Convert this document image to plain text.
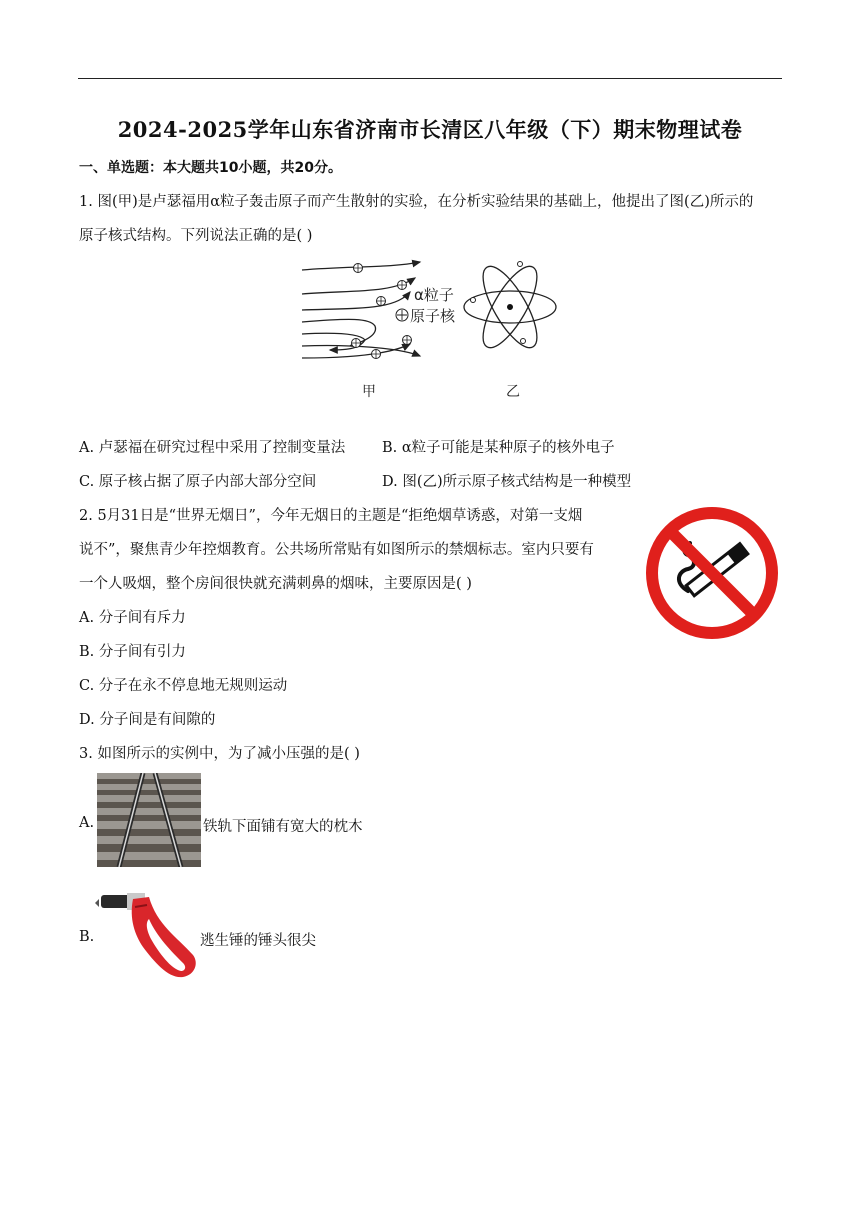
2024-2025学年山东省济南市长清区八年级（下）期末物理试卷
一、单选题：本大题共10小题，共20分。
1. 图(甲)是卢瑟福用α粒子轰击原子而产生散射的实验，在分析实验结果的基础上，他提出了图(乙)所示的
原子核式结构。下列说法正确的是( )
α粒子
原子核
甲	乙
A. 卢瑟福在研究过程中采用了控制变量法	B. α粒子可能是某种原子的核外电子
C. 原子核占据了原子内部大部分空间	D. 图(乙)所示原子核式结构是一种模型
2. 5月31日是“世界无烟日”，今年无烟日的主题是“拒绝烟草诱惑，对第一支烟
说不”，聚焦青少年控烟教育。公共场所常贴有如图所示的禁烟标志。室内只要有
一个人吸烟，整个房间很快就充满刺鼻的烟味，主要原因是( )
A. 分子间有斥力
B. 分子间有引力
C. 分子在永不停息地无规则运动
D. 分子间是有间隙的
3. 如图所示的实例中，为了减小压强的是( )
A.	铁轨下面铺有宽大的枕木
B.	逃生锤的锤头很尖
